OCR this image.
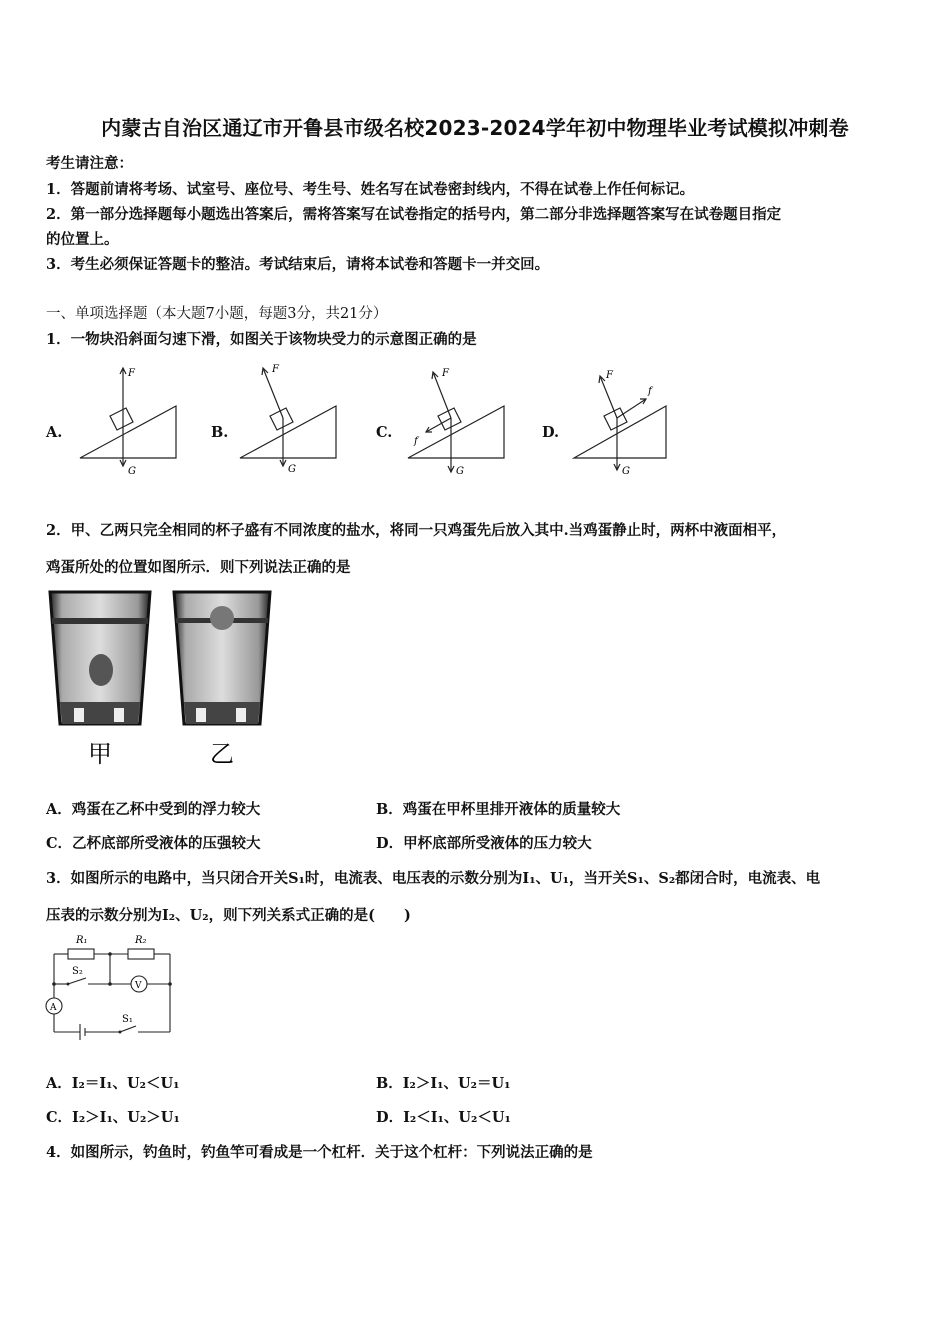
内蒙古自治区通辽市开鲁县市级名校2023-2024学年初中物理毕业考试模拟冲刺卷
考生请注意：
1．答题前请将考场、试室号、座位号、考生号、姓名写在试卷密封线内，不得在试卷上作任何标记。
2．第一部分选择题每小题选出答案后，需将答案写在试卷指定的括号内，第二部分非选择题答案写在试卷题目指定
的位置上。
3．考生必须保证答题卡的整洁。考试结束后，请将本试卷和答题卡一并交回。
一、单项选择题（本大题7小题，每题3分，共21分）
1．一物块沿斜面匀速下滑，如图关于该物块受力的示意图正确的是
A.	B.	C.	D.
F
G
F
G
F
G
f
F
G
f
2．甲、乙两只完全相同的杯子盛有不同浓度的盐水，将同一只鸡蛋先后放入其中.当鸡蛋静止时，两杯中液面相平，
鸡蛋所处的位置如图所示．则下列说法正确的是
甲	乙
A．鸡蛋在乙杯中受到的浮力较大	B．鸡蛋在甲杯里排开液体的质量较大
C．乙杯底部所受液体的压强较大	D．甲杯底部所受液体的压力较大
3．如图所示的电路中，当只闭合开关S₁时，电流表、电压表的示数分别为I₁、U₁，当开关S₁、S₂都闭合时，电流表、电
压表的示数分别为I₂、U₂，则下列关系式正确的是(　　)
R₁	R₂
S₂
S₁
A
V
A．I₂＝I₁、U₂＜U₁	B．I₂＞I₁、U₂＝U₁
C．I₂＞I₁、U₂＞U₁	D．I₂＜I₁、U₂＜U₁
4．如图所示，钓鱼时，钓鱼竿可看成是一个杠杆．关于这个杠杆：下列说法正确的是
